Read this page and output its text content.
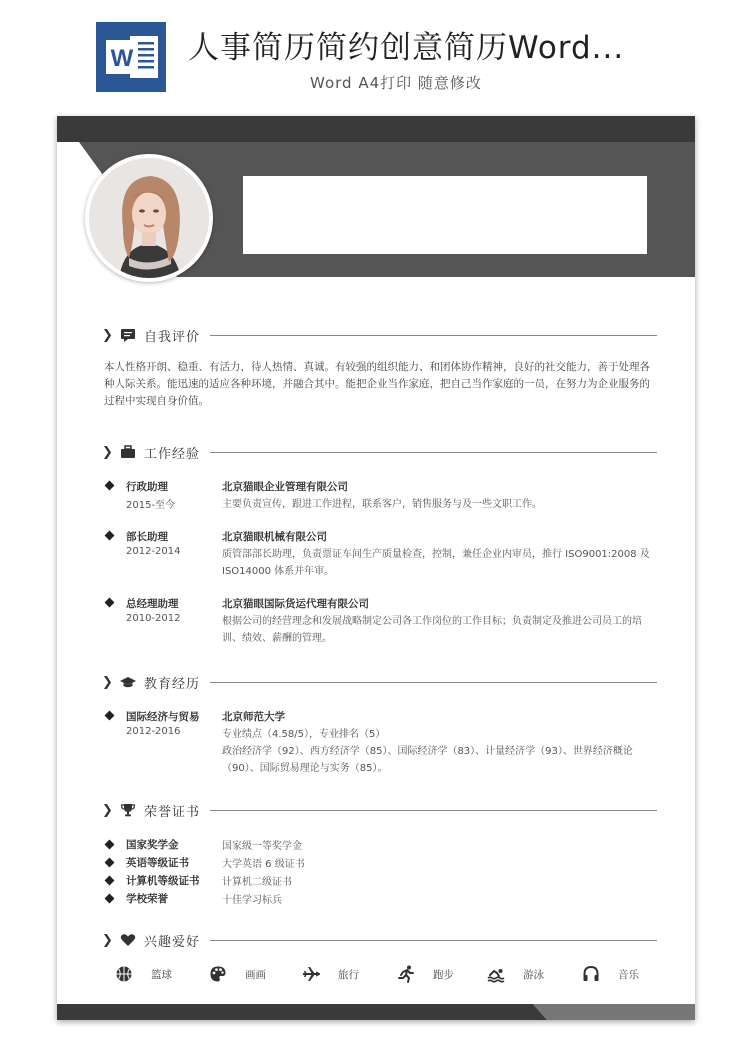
W 人事简历简约创意简历Word...
Word A4打印 随意修改
❯ 自我评价
本人性格开朗、稳重、有活力，待人热情、真诚。有较强的组织能力、和团体协作精神，良好的社交能力，善于处理各种人际关系。能迅速的适应各种环境，并融合其中。能把企业当作家庭，把自己当作家庭的一员，在努力为企业服务的过程中实现自身价值。
❯ 工作经验
行政助理
2015-至今
北京猫眼企业管理有限公司
主要负责宣传，跟进工作进程，联系客户，销售服务与及一些文职工作。
部长助理
2012-2014
北京猫眼机械有限公司
质管部部长助理，负责票证车间生产质量检查，控制，兼任企业内审员，推行 ISO9001:2008 及 ISO14000 体系并年审。
总经理助理
2010-2012
北京猫眼国际货运代理有限公司
根据公司的经营理念和发展战略制定公司各工作岗位的工作目标；负责制定及推进公司员工的培训、绩效、薪酬的管理。
❯ 教育经历
国际经济与贸易
2012-2016
北京师范大学
专业绩点（4.58/5），专业排名（5）
政治经济学（92）、西方经济学（85）、国际经济学（83）、计量经济学（93）、世界经济概论（90）、国际贸易理论与实务（85）。
❯ 荣誉证书
国家奖学金	国家级一等奖学金
英语等级证书	大学英语 6 级证书
计算机等级证书 计算机二级证书
学校荣誉	十佳学习标兵
❯ 兴趣爱好
篮球	画画	旅行	跑步	游泳	音乐
